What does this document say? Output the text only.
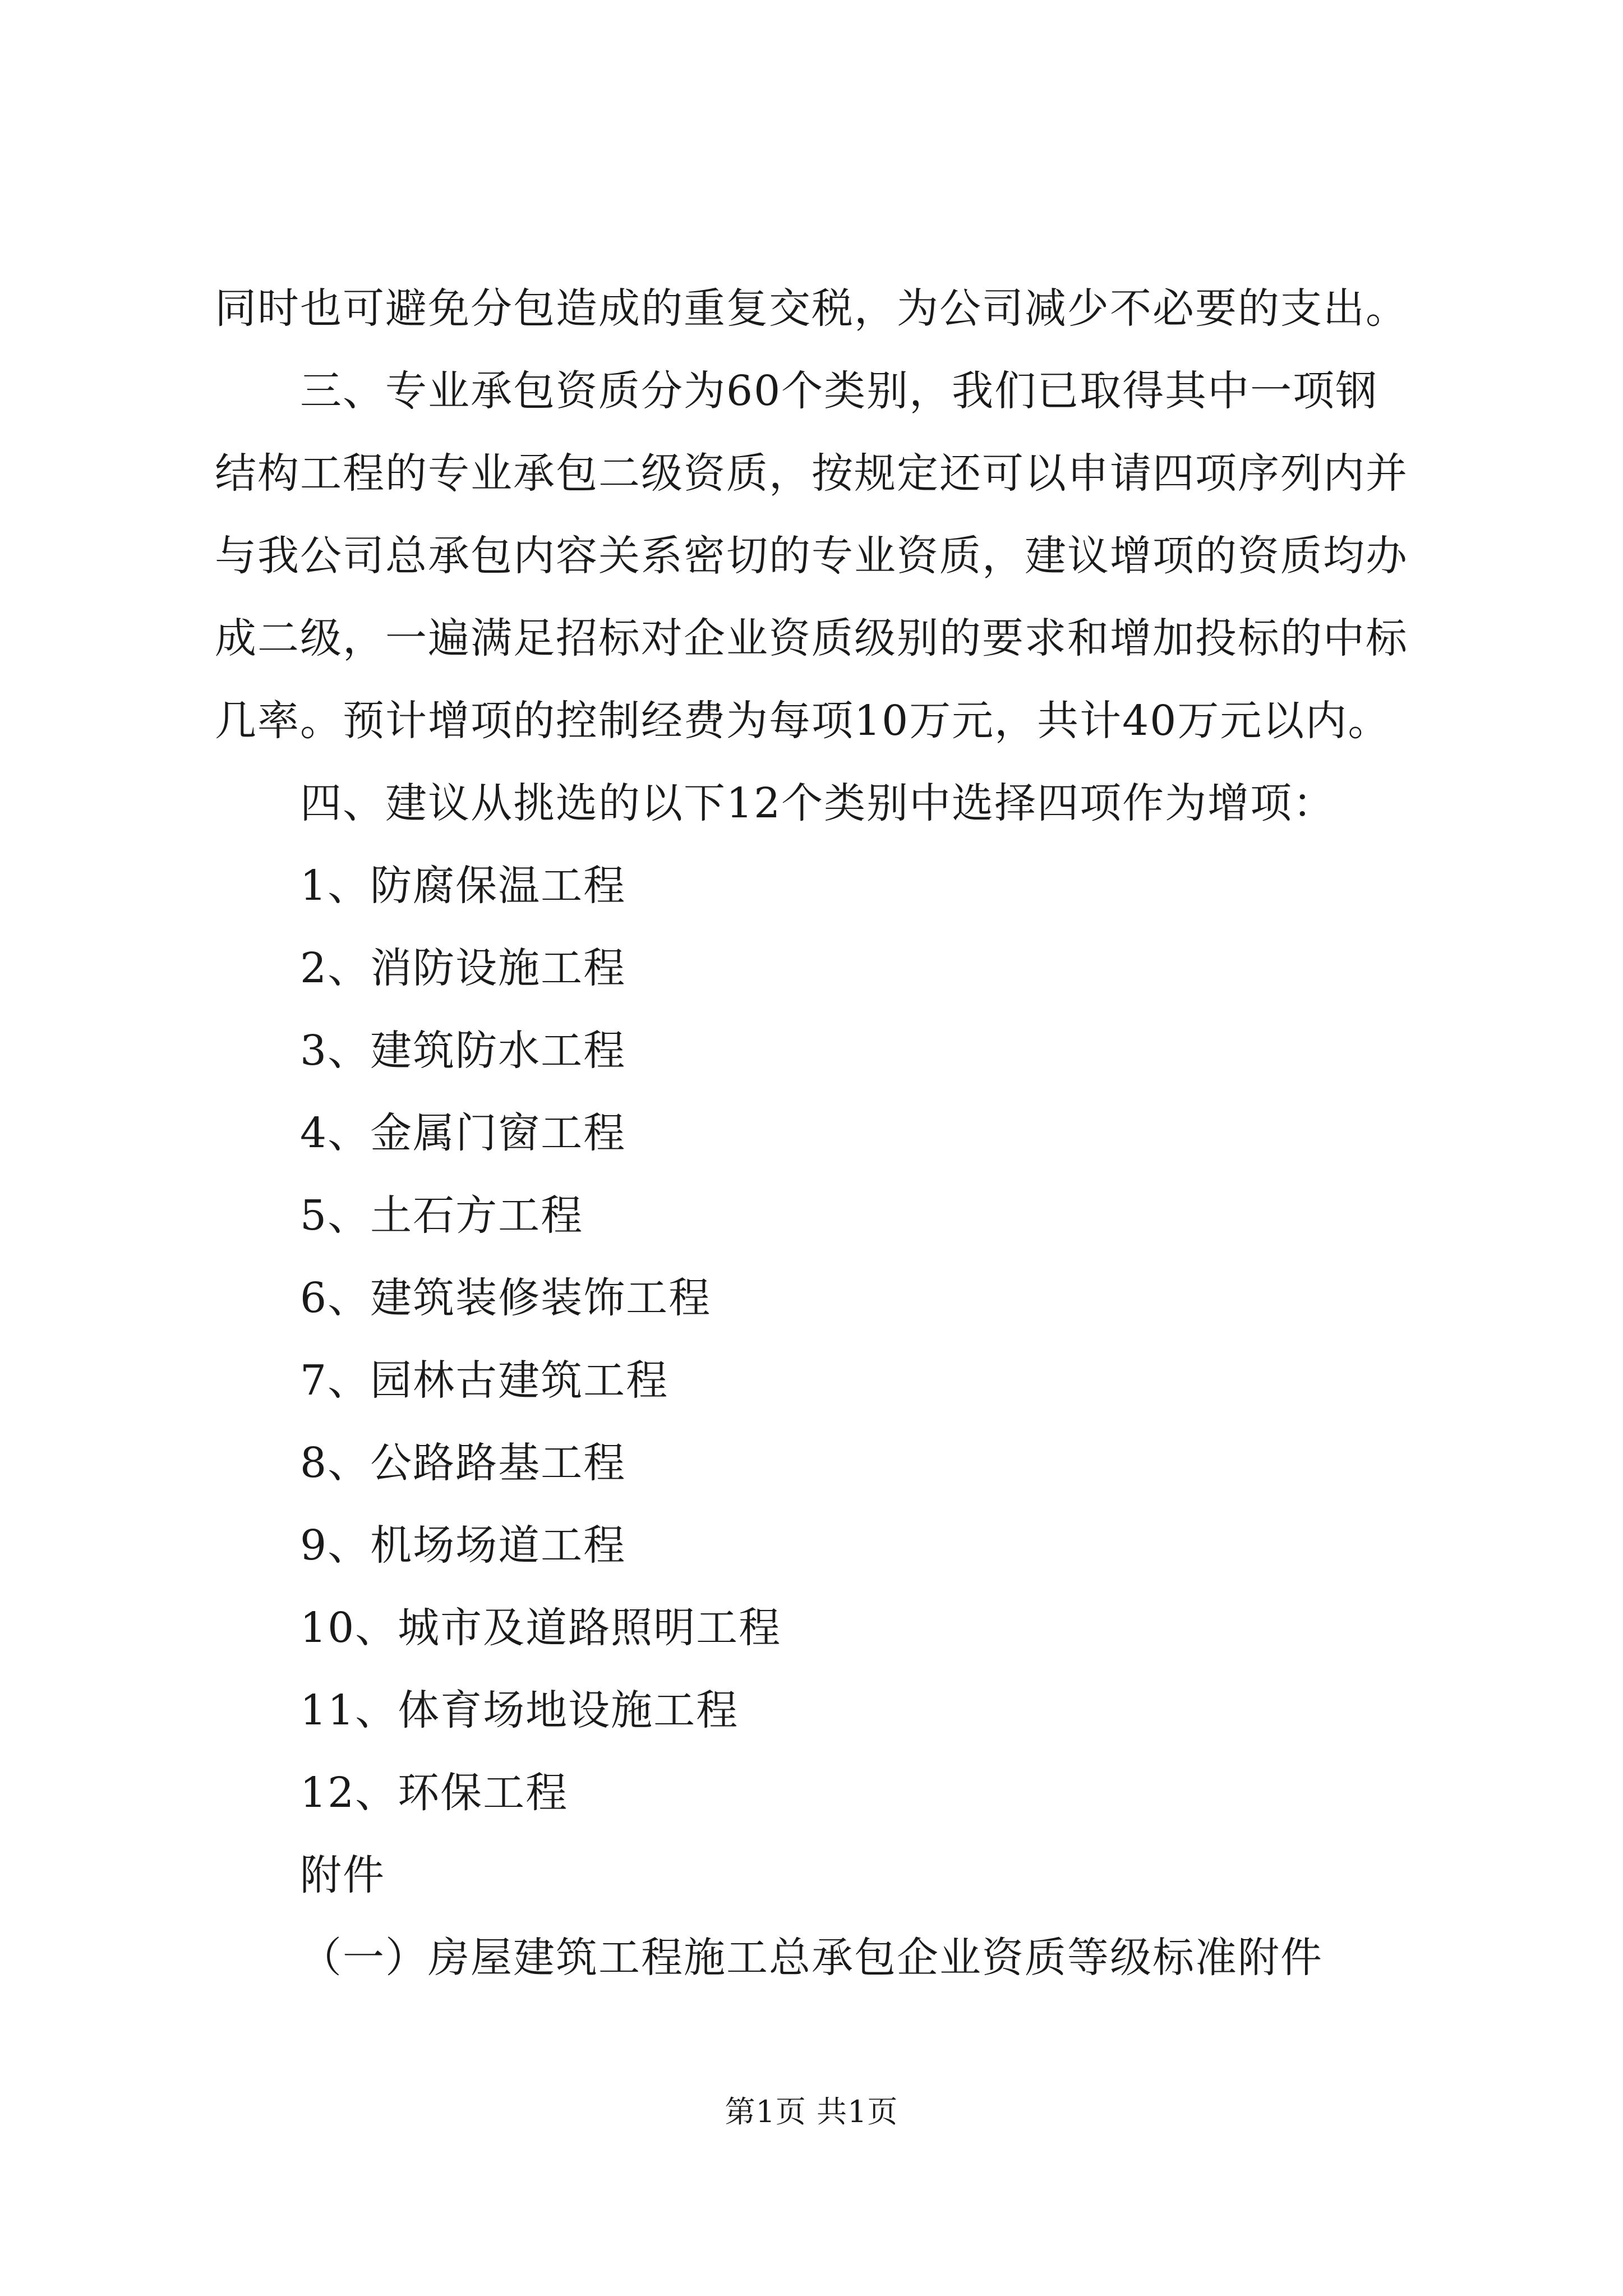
同时也可避免分包造成的重复交税，为公司减少不必要的支出。
三、专业承包资质分为60个类别，我们已取得其中一项钢
结构工程的专业承包二级资质，按规定还可以申请四项序列内并
与我公司总承包内容关系密切的专业资质，建议增项的资质均办
成二级，一遍满足招标对企业资质级别的要求和增加投标的中标
几率。预计增项的控制经费为每项10万元，共计40万元以内。
四、建议从挑选的以下12个类别中选择四项作为增项：
1、防腐保温工程
2、消防设施工程
3、建筑防水工程
4、金属门窗工程
5、土石方工程
6、建筑装修装饰工程
7、园林古建筑工程
8、公路路基工程
9、机场场道工程
10、城市及道路照明工程
11、体育场地设施工程
12、环保工程
附件
（一）房屋建筑工程施工总承包企业资质等级标准附件
第1页 共1页
